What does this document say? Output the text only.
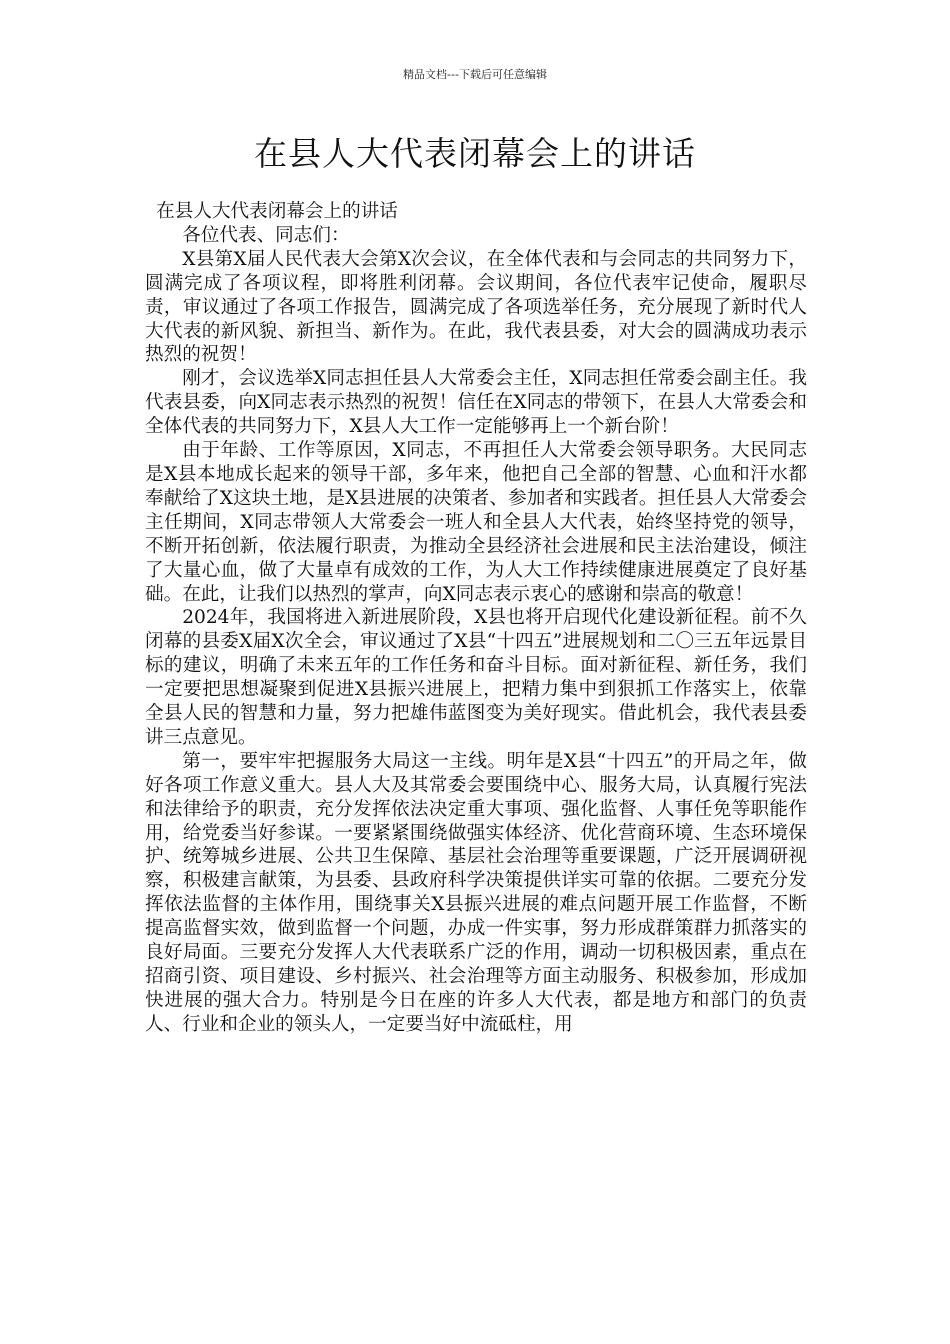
精品文档---下载后可任意编辑
在县人大代表闭幕会上的讲话

在县人大代表闭幕会上的讲话

各位代表、同志们：

X县第X届人民代表大会第X次会议，在全体代表和与会同志的共同努力下，圆满完成了各项议程，即将胜利闭幕。会议期间，各位代表牢记使命，履职尽责，审议通过了各项工作报告，圆满完成了各项选举任务，充分展现了新时代人大代表的新风貌、新担当、新作为。在此，我代表县委，对大会的圆满成功表示热烈的祝贺！

刚才，会议选举X同志担任县人大常委会主任，X同志担任常委会副主任。我代表县委，向X同志表示热烈的祝贺！信任在X同志的带领下，在县人大常委会和全体代表的共同努力下，X县人大工作一定能够再上一个新台阶！

由于年龄、工作等原因，X同志，不再担任人大常委会领导职务。大民同志是X县本地成长起来的领导干部，多年来，他把自己全部的智慧、心血和汗水都奉献给了X这块土地，是X县进展的决策者、参加者和实践者。担任县人大常委会主任期间，X同志带领人大常委会一班人和全县人大代表，始终坚持党的领导，不断开拓创新，依法履行职责，为推动全县经济社会进展和民主法治建设，倾注了大量心血，做了大量卓有成效的工作，为人大工作持续健康进展奠定了良好基础。在此，让我们以热烈的掌声，向X同志表示衷心的感谢和崇高的敬意！

2024年，我国将进入新进展阶段，X县也将开启现代化建设新征程。前不久闭幕的县委X届X次全会，审议通过了X县“十四五”进展规划和二〇三五年远景目标的建议，明确了未来五年的工作任务和奋斗目标。面对新征程、新任务，我们一定要把思想凝聚到促进X县振兴进展上，把精力集中到狠抓工作落实上，依靠全县人民的智慧和力量，努力把雄伟蓝图变为美好现实。借此机会，我代表县委讲三点意见。

第一，要牢牢把握服务大局这一主线。明年是X县“十四五”的开局之年，做好各项工作意义重大。县人大及其常委会要围绕中心、服务大局，认真履行宪法和法律给予的职责，充分发挥依法决定重大事项、强化监督、人事任免等职能作用，给党委当好参谋。一要紧紧围绕做强实体经济、优化营商环境、生态环境保护、统筹城乡进展、公共卫生保障、基层社会治理等重要课题，广泛开展调研视察，积极建言献策，为县委、县政府科学决策提供详实可靠的依据。二要充分发挥依法监督的主体作用，围绕事关X县振兴进展的难点问题开展工作监督，不断提高监督实效，做到监督一个问题，办成一件实事，努力形成群策群力抓落实的良好局面。三要充分发挥人大代表联系广泛的作用，调动一切积极因素，重点在招商引资、项目建设、乡村振兴、社会治理等方面主动服务、积极参加，形成加快进展的强大合力。特别是今日在座的许多人大代表，都是地方和部门的负责人、行业和企业的领头人，一定要当好中流砥柱，用
